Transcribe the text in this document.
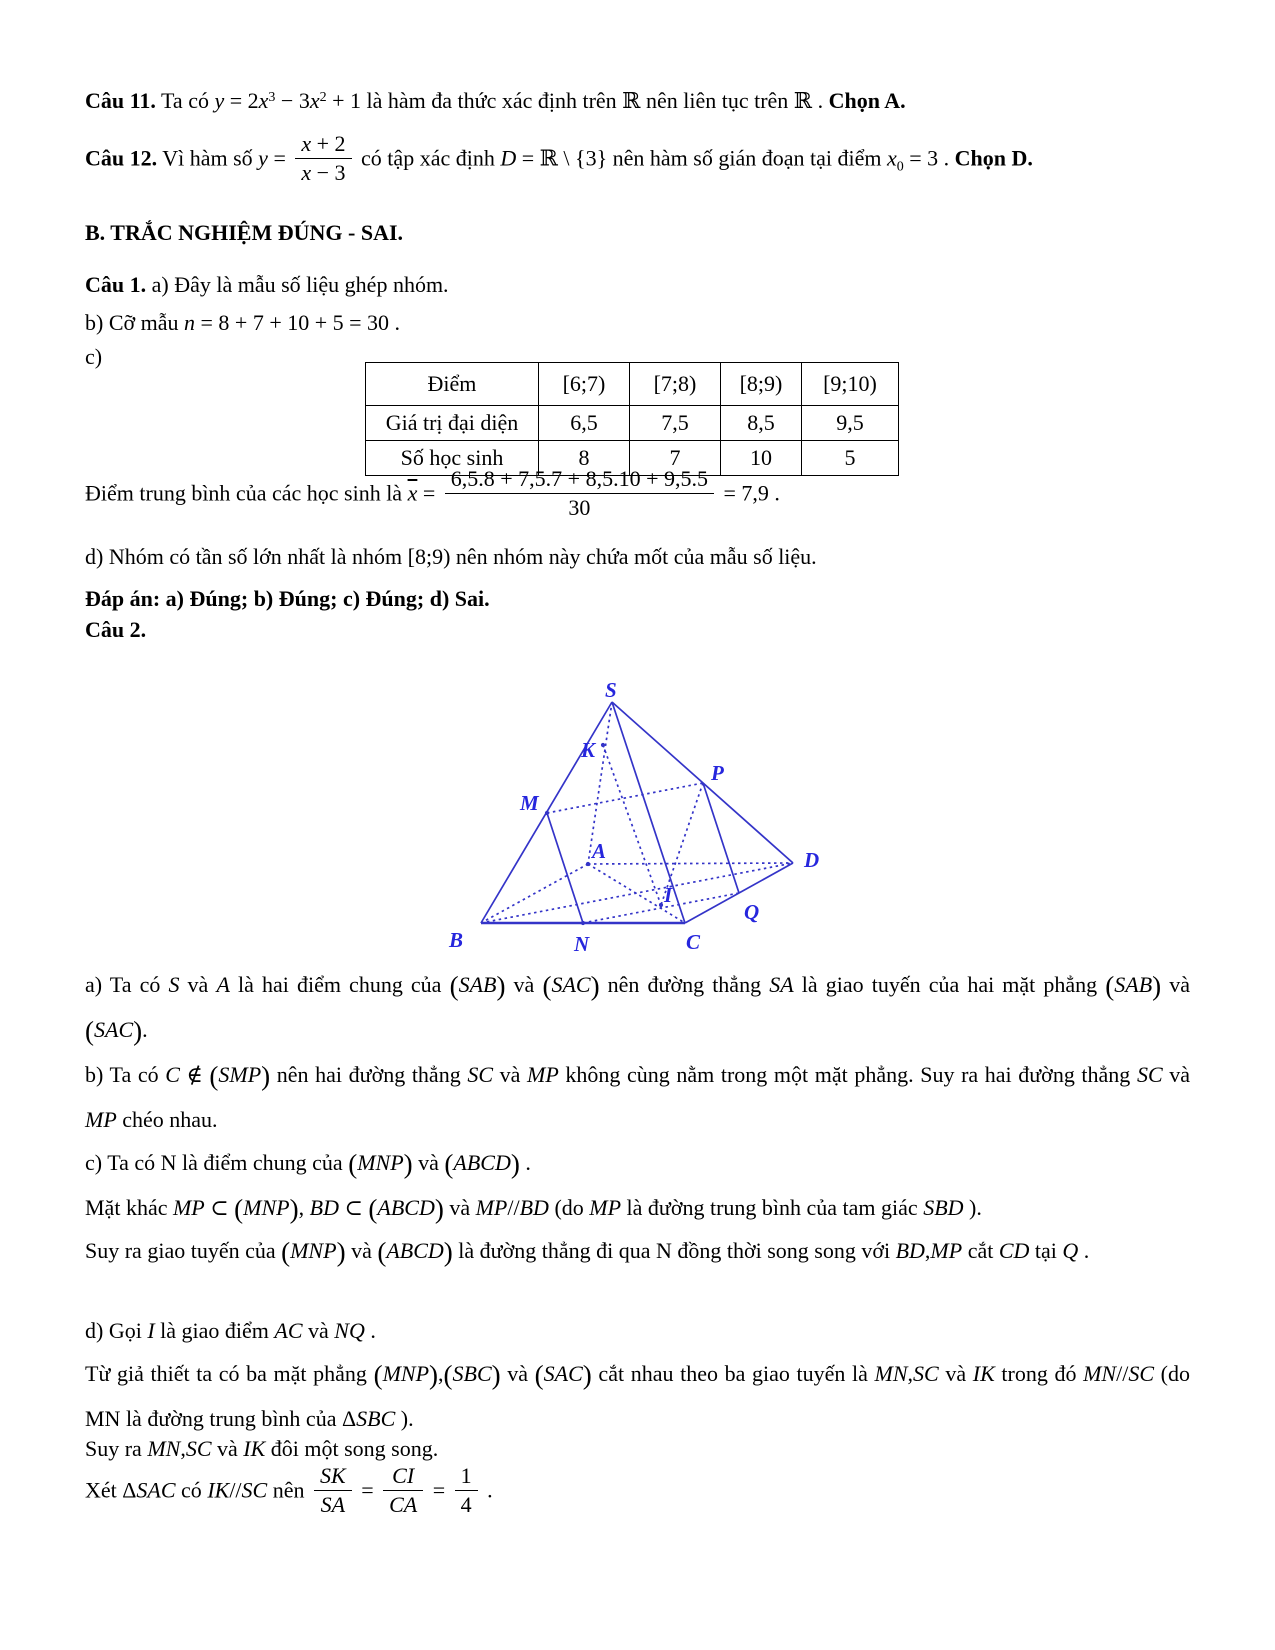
Câu 11. Ta có $y = 2x^3 - 3x^2 + 1$ là hàm đa thức xác định trên ℝ nên liên tục trên ℝ . Chọn A.
Câu 12. Vì hàm số $y = \frac{x + 2}{x - 3}$ có tập xác định D = ℝ \ {3} nên hàm số gián đoạn tại điểm $x_0 = 3$ . Chọn D.
B. TRẮC NGHIỆM ĐÚNG - SAI.
Câu 1. a) Đây là mẫu số liệu ghép nhóm.
b) Cỡ mẫu n = 8 + 7 + 10 + 5 = 30 .
c)
Điểm	[6;7)	[7;8)	[8;9)	[9;10)
Giá trị đại diện	6,5	7,5	8,5	9,5
Số học sinh	8	7	10	5
Điểm trung bình của các học sinh là $\overline{x} = \frac{6,5.8 + 7,5.7 + 8,5.10 + 9,5.5}{30} = 7,9$ .
d) Nhóm có tần số lớn nhất là nhóm [8;9) nên nhóm này chứa mốt của mẫu số liệu.
Đáp án: a) Đúng; b) Đúng; c) Đúng; d) Sai.
Câu 2.
S
K
P
M
A	D
I
Q
B	N	C
a) Ta có S và A là hai điểm chung của (SAB) và (SAC) nên đường thẳng SA là giao tuyến của hai mặt phẳng (SAB) và (SAC).
b) Ta có C ∉ (SMP) nên hai đường thẳng SC và MP không cùng nằm trong một mặt phẳng. Suy ra hai đường thẳng SC và MP chéo nhau.
c) Ta có N là điểm chung của (MNP) và (ABCD) .
Mặt khác MP ⊂ (MNP), BD ⊂ (ABCD) và MP//BD (do MP là đường trung bình của tam giác SBD ).
Suy ra giao tuyến của (MNP) và (ABCD) là đường thẳng đi qua N đồng thời song song với BD,MP cắt CD tại Q .
d) Gọi I là giao điểm AC và NQ .
Từ giả thiết ta có ba mặt phẳng (MNP),(SBC) và (SAC) cắt nhau theo ba giao tuyến là MN,SC và IK trong đó MN//SC (do MN là đường trung bình của ΔSBC ).
Suy ra MN,SC và IK đôi một song song.
Xét ΔSAC có IK//SC nên $\frac{SK}{SA} = \frac{CI}{CA} = \frac{1}{4}$ .
